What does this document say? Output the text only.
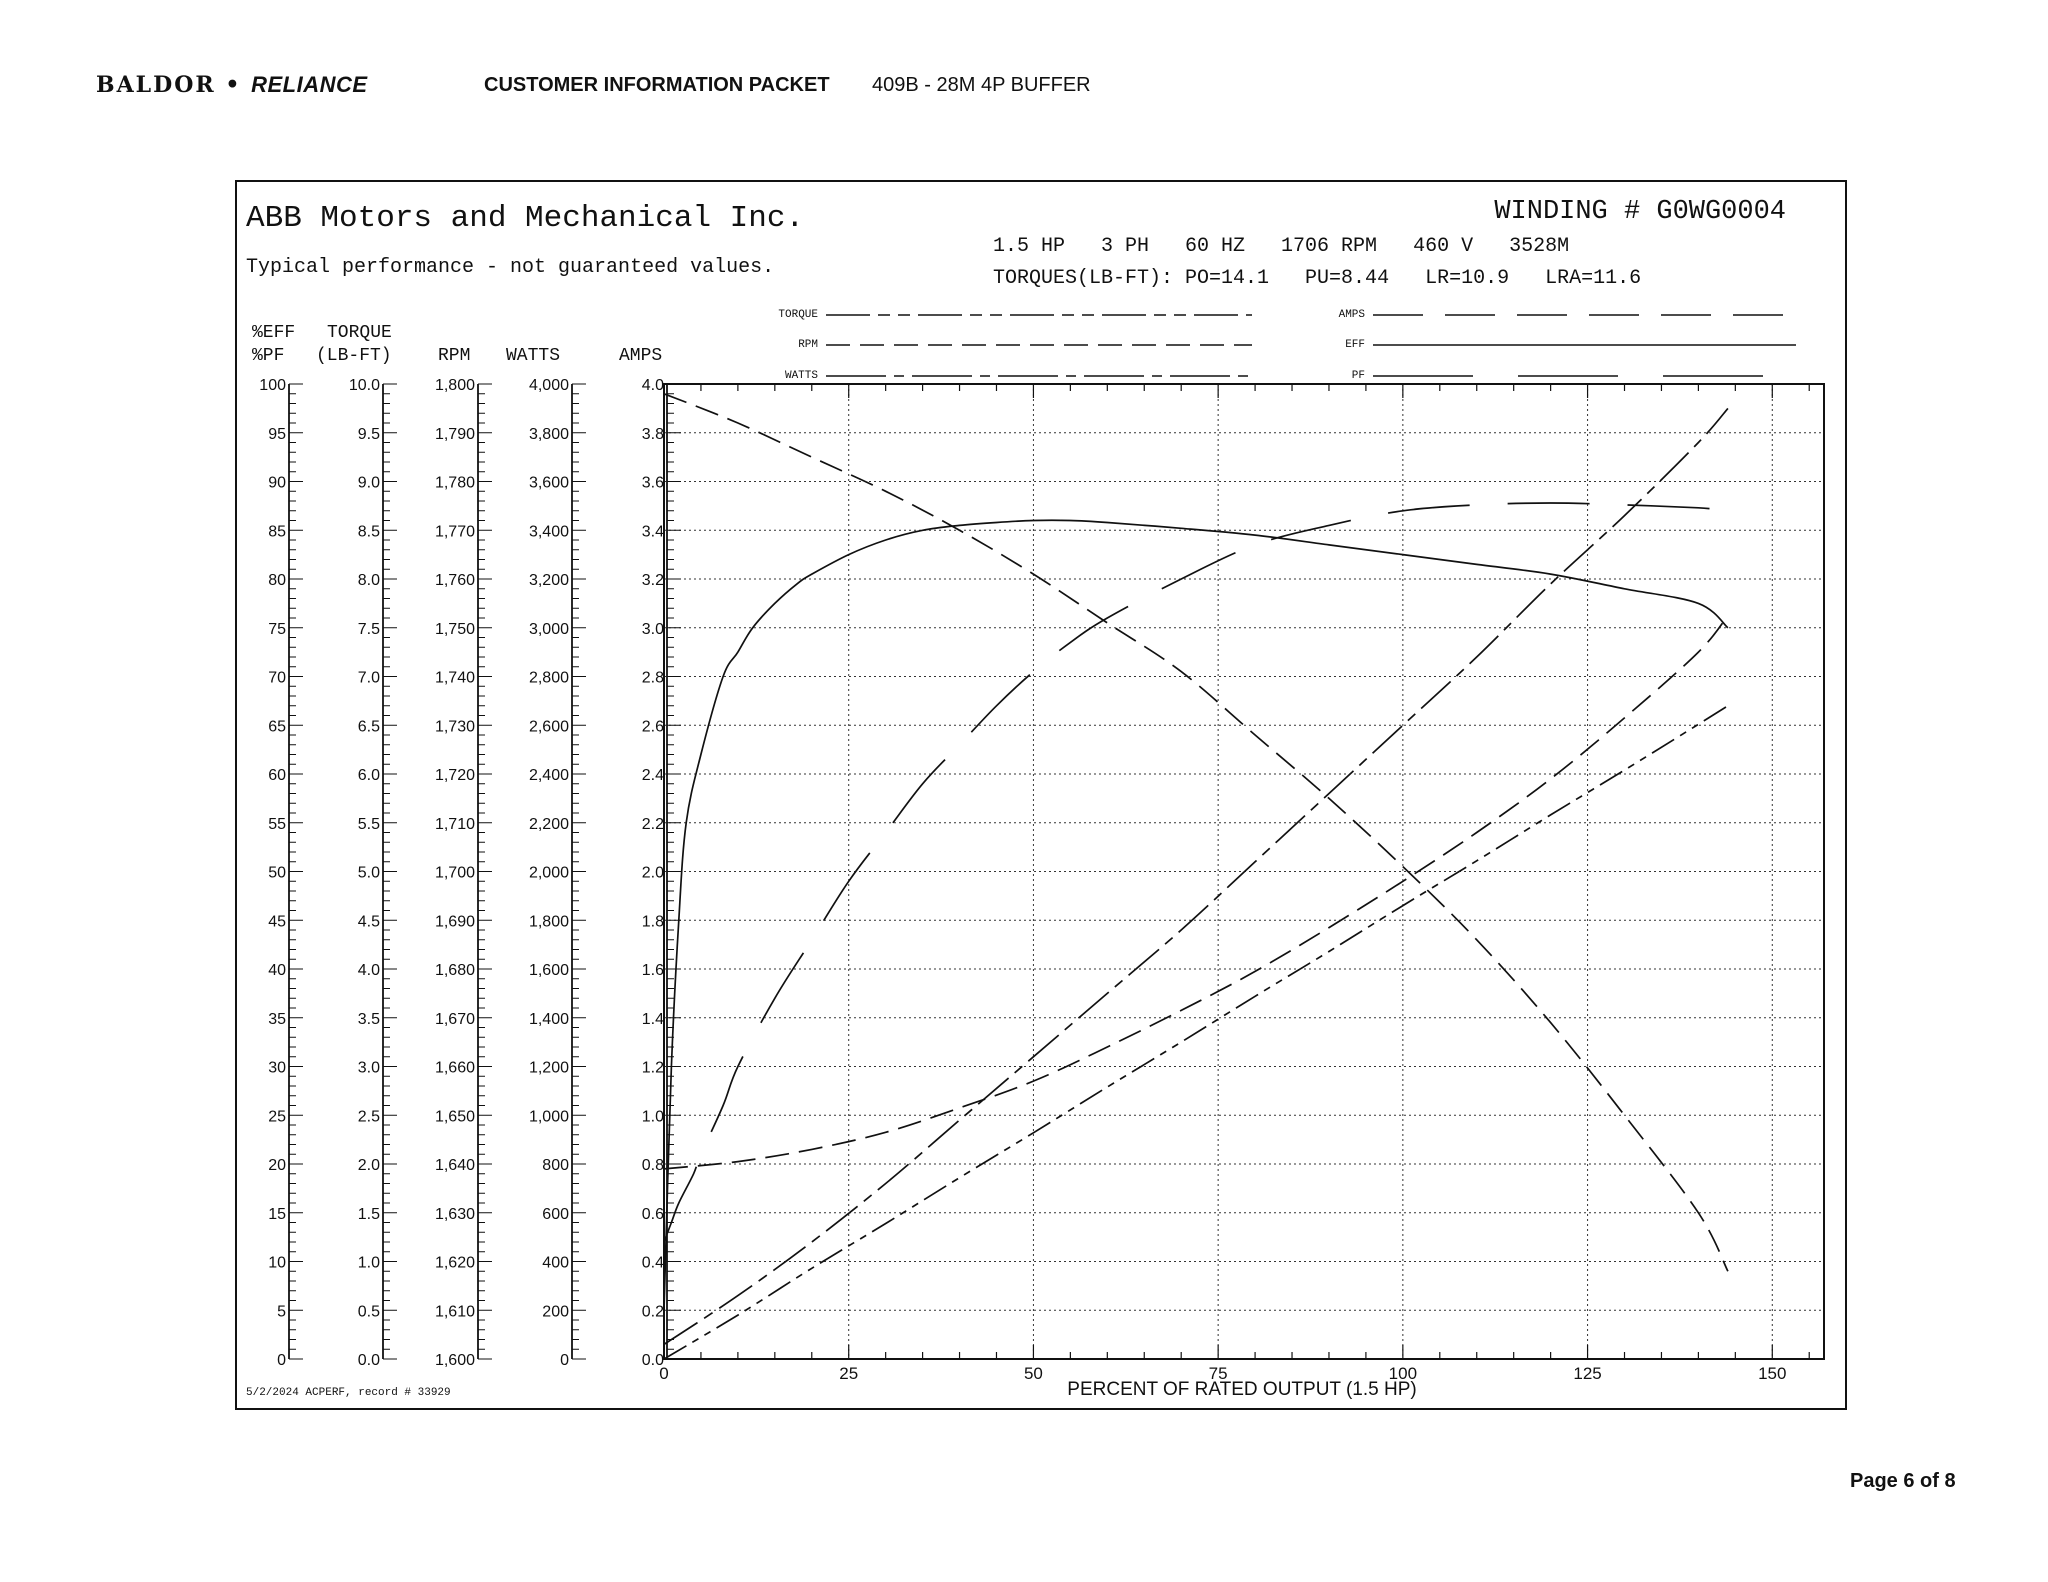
BALDOR • RELIANCE	CUSTOMER INFORMATION PACKET 409B - 28M 4P BUFFER
ABB Motors and Mechanical Inc.
Typical performance - not guaranteed values.
WINDING # G0WG0004
1.5 HP   3 PH   60 HZ   1706 RPM   460 V   3528M
TORQUES(LB-FT): PO=14.1   PU=8.44   LR=10.9   LRA=11.6
TORQUE
RPM
WATTS
AMPS
EFF
PF
%EFF
%PF
TORQUE
(LB-FT)	RPM WATTS	AMPS
0
5
10
15
20
25
30
35
40
45
50
55
60
65
70
75
80
85
90
95
100
0.0
0.5
1.0
1.5
2.0
2.5
3.0
3.5
4.0
4.5
5.0
5.5
6.0
6.5
7.0
7.5
8.0
8.5
9.0
9.5
10.0
1,600
1,610
1,620
1,630
1,640
1,650
1,660
1,670
1,680
1,690
1,700
1,710
1,720
1,730
1,740
1,750
1,760
1,770
1,780
1,790
1,800
0
200
400
600
800
1,000
1,200
1,400
1,600
1,800
2,000
2,200
2,400
2,600
2,800
3,000
3,200
3,400
3,600
3,800
4,000
0.0
0.2
0.4
0.6
0.8
1.0
1.2
1.4
1.6
1.8
2.0
2.2
2.4
2.6
2.8
3.0
3.2
3.4
3.6
3.8
4.0
0	25	50	75	100	125	150
PERCENT OF RATED OUTPUT (1.5 HP)
5/2/2024 ACPERF, record # 33929
Page 6 of 8
